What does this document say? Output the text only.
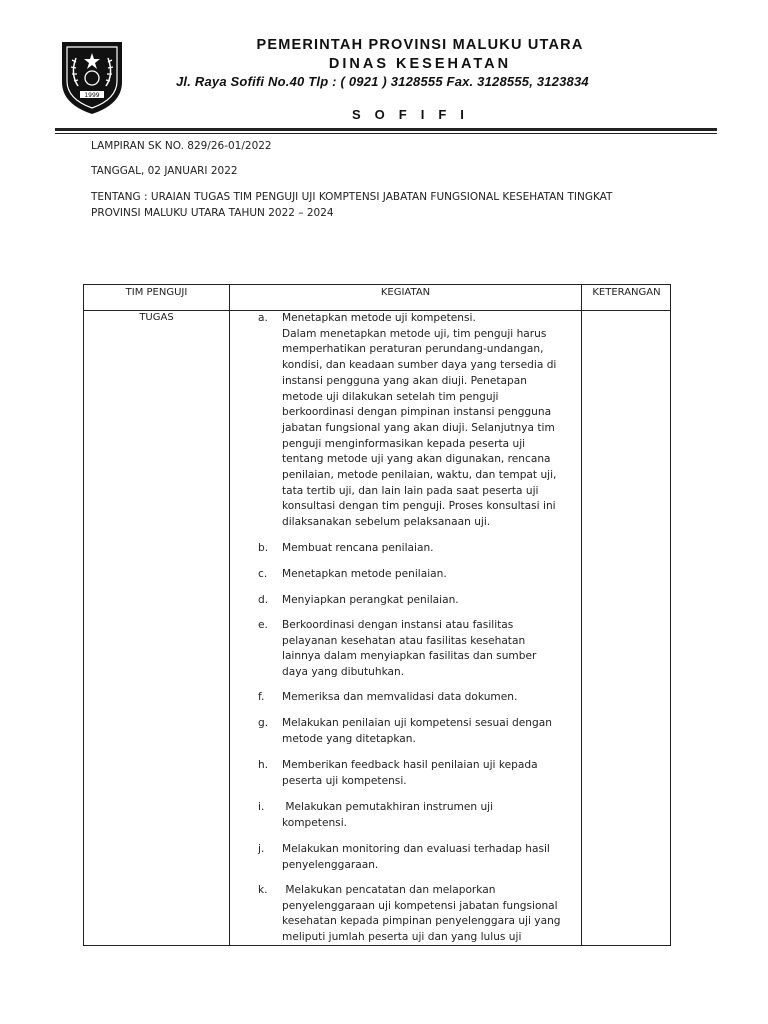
1999
PEMERINTAH PROVINSI MALUKU UTARA
DINAS KESEHATAN
Jl. Raya Sofifi No.40 Tlp : ( 0921 ) 3128555 Fax. 3128555, 3123834
SOFIFI
LAMPIRAN SK NO. 829/26-01/2022
TANGGAL, 02 JANUARI 2022
TENTANG : URAIAN TUGAS TIM PENGUJI UJI KOMPTENSI JABATAN FUNGSIONAL KESEHATAN TINGKAT
PROVINSI MALUKU UTARA TAHUN 2022 – 2024
TIM PENGUJI	KEGIATAN	KETERANGAN
TUGAS	a. Menetapkan metode uji kompetensi.
Dalam menetapkan metode uji, tim penguji harus
memperhatikan peraturan perundang-undangan,
kondisi, dan keadaan sumber daya yang tersedia di
instansi pengguna yang akan diuji. Penetapan
metode uji dilakukan setelah tim penguji
berkoordinasi dengan pimpinan instansi pengguna
jabatan fungsional yang akan diuji. Selanjutnya tim
penguji menginformasikan kepada peserta uji
tentang metode uji yang akan digunakan, rencana
penilaian, metode penilaian, waktu, dan tempat uji,
tata tertib uji, dan lain lain pada saat peserta uji
konsultasi dengan tim penguji. Proses konsultasi ini
dilaksanakan sebelum pelaksanaan uji.
b. Membuat rencana penilaian.
c. Menetapkan metode penilaian.
d. Menyiapkan perangkat penilaian.
e. Berkoordinasi dengan instansi atau fasilitas
pelayanan kesehatan atau fasilitas kesehatan
lainnya dalam menyiapkan fasilitas dan sumber
daya yang dibutuhkan.
f. Memeriksa dan memvalidasi data dokumen.
g. Melakukan penilaian uji kompetensi sesuai dengan
metode yang ditetapkan.
h. Memberikan feedback hasil penilaian uji kepada
peserta uji kompetensi.
i. Melakukan pemutakhiran instrumen uji
kompetensi.
j. Melakukan monitoring dan evaluasi terhadap hasil
penyelenggaraan.
k. Melakukan pencatatan dan melaporkan
penyelenggaraan uji kompetensi jabatan fungsional
kesehatan kepada pimpinan penyelenggara uji yang
meliputi jumlah peserta uji dan yang lulus uji
